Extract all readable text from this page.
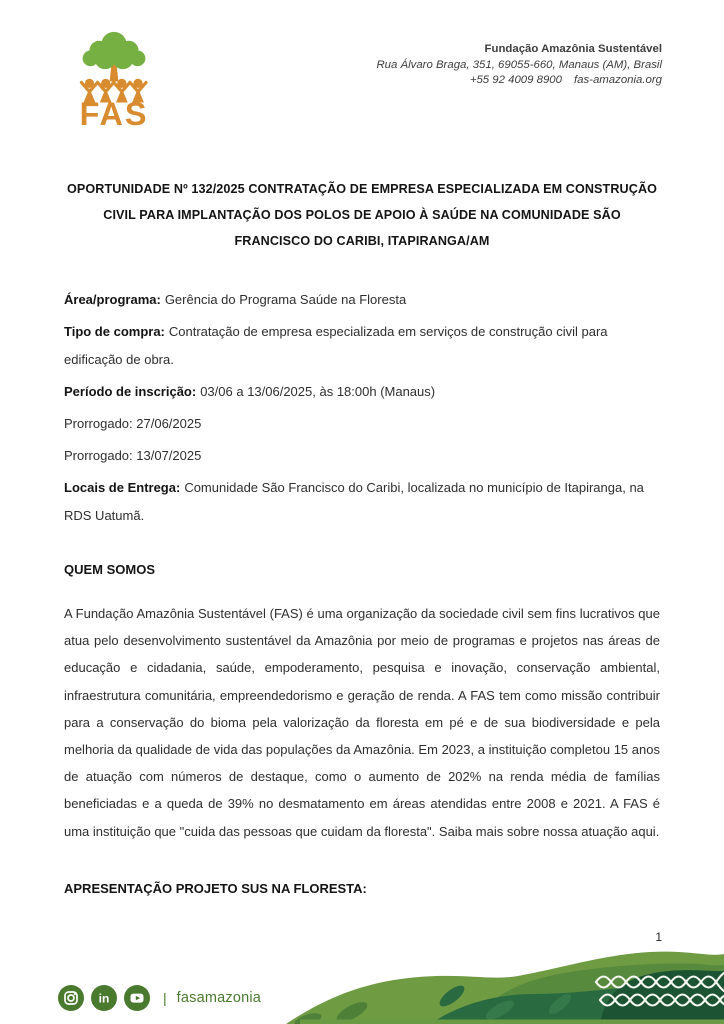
FAS
Fundação Amazônia Sustentável
Rua Álvaro Braga, 351, 69055-660, Manaus (AM), Brasil
+55 92 4009 8900 fas-amazonia.org
OPORTUNIDADE Nº 132/2025 CONTRATAÇÃO DE EMPRESA ESPECIALIZADA EM CONSTRUÇÃO CIVIL PARA IMPLANTAÇÃO DOS POLOS DE APOIO À SAÚDE NA COMUNIDADE SÃO FRANCISCO DO CARIBI, ITAPIRANGA/AM

Área/programa: Gerência do Programa Saúde na Floresta

Tipo de compra: Contratação de empresa especializada em serviços de construção civil para edificação de obra.

Período de inscrição: 03/06 a 13/06/2025, às 18:00h (Manaus)

Prorrogado: 27/06/2025

Prorrogado: 13/07/2025

Locais de Entrega: Comunidade São Francisco do Caribi, localizada no município de Itapiranga, na RDS Uatumã.

QUEM SOMOS

A Fundação Amazônia Sustentável (FAS) é uma organização da sociedade civil sem fins lucrativos que atua pelo desenvolvimento sustentável da Amazônia por meio de programas e projetos nas áreas de educação e cidadania, saúde, empoderamento, pesquisa e inovação, conservação ambiental, infraestrutura comunitária, empreendedorismo e geração de renda. A FAS tem como missão contribuir para a conservação do bioma pela valorização da floresta em pé e de sua biodiversidade e pela melhoria da qualidade de vida das populações da Amazônia. Em 2023, a instituição completou 15 anos de atuação com números de destaque, como o aumento de 202% na renda média de famílias beneficiadas e a queda de 39% no desmatamento em áreas atendidas entre 2008 e 2021. A FAS é uma instituição que "cuida das pessoas que cuidam da floresta". Saiba mais sobre nossa atuação aqui.

APRESENTAÇÃO PROJETO SUS NA FLORESTA:
1
in	| fasamazonia
